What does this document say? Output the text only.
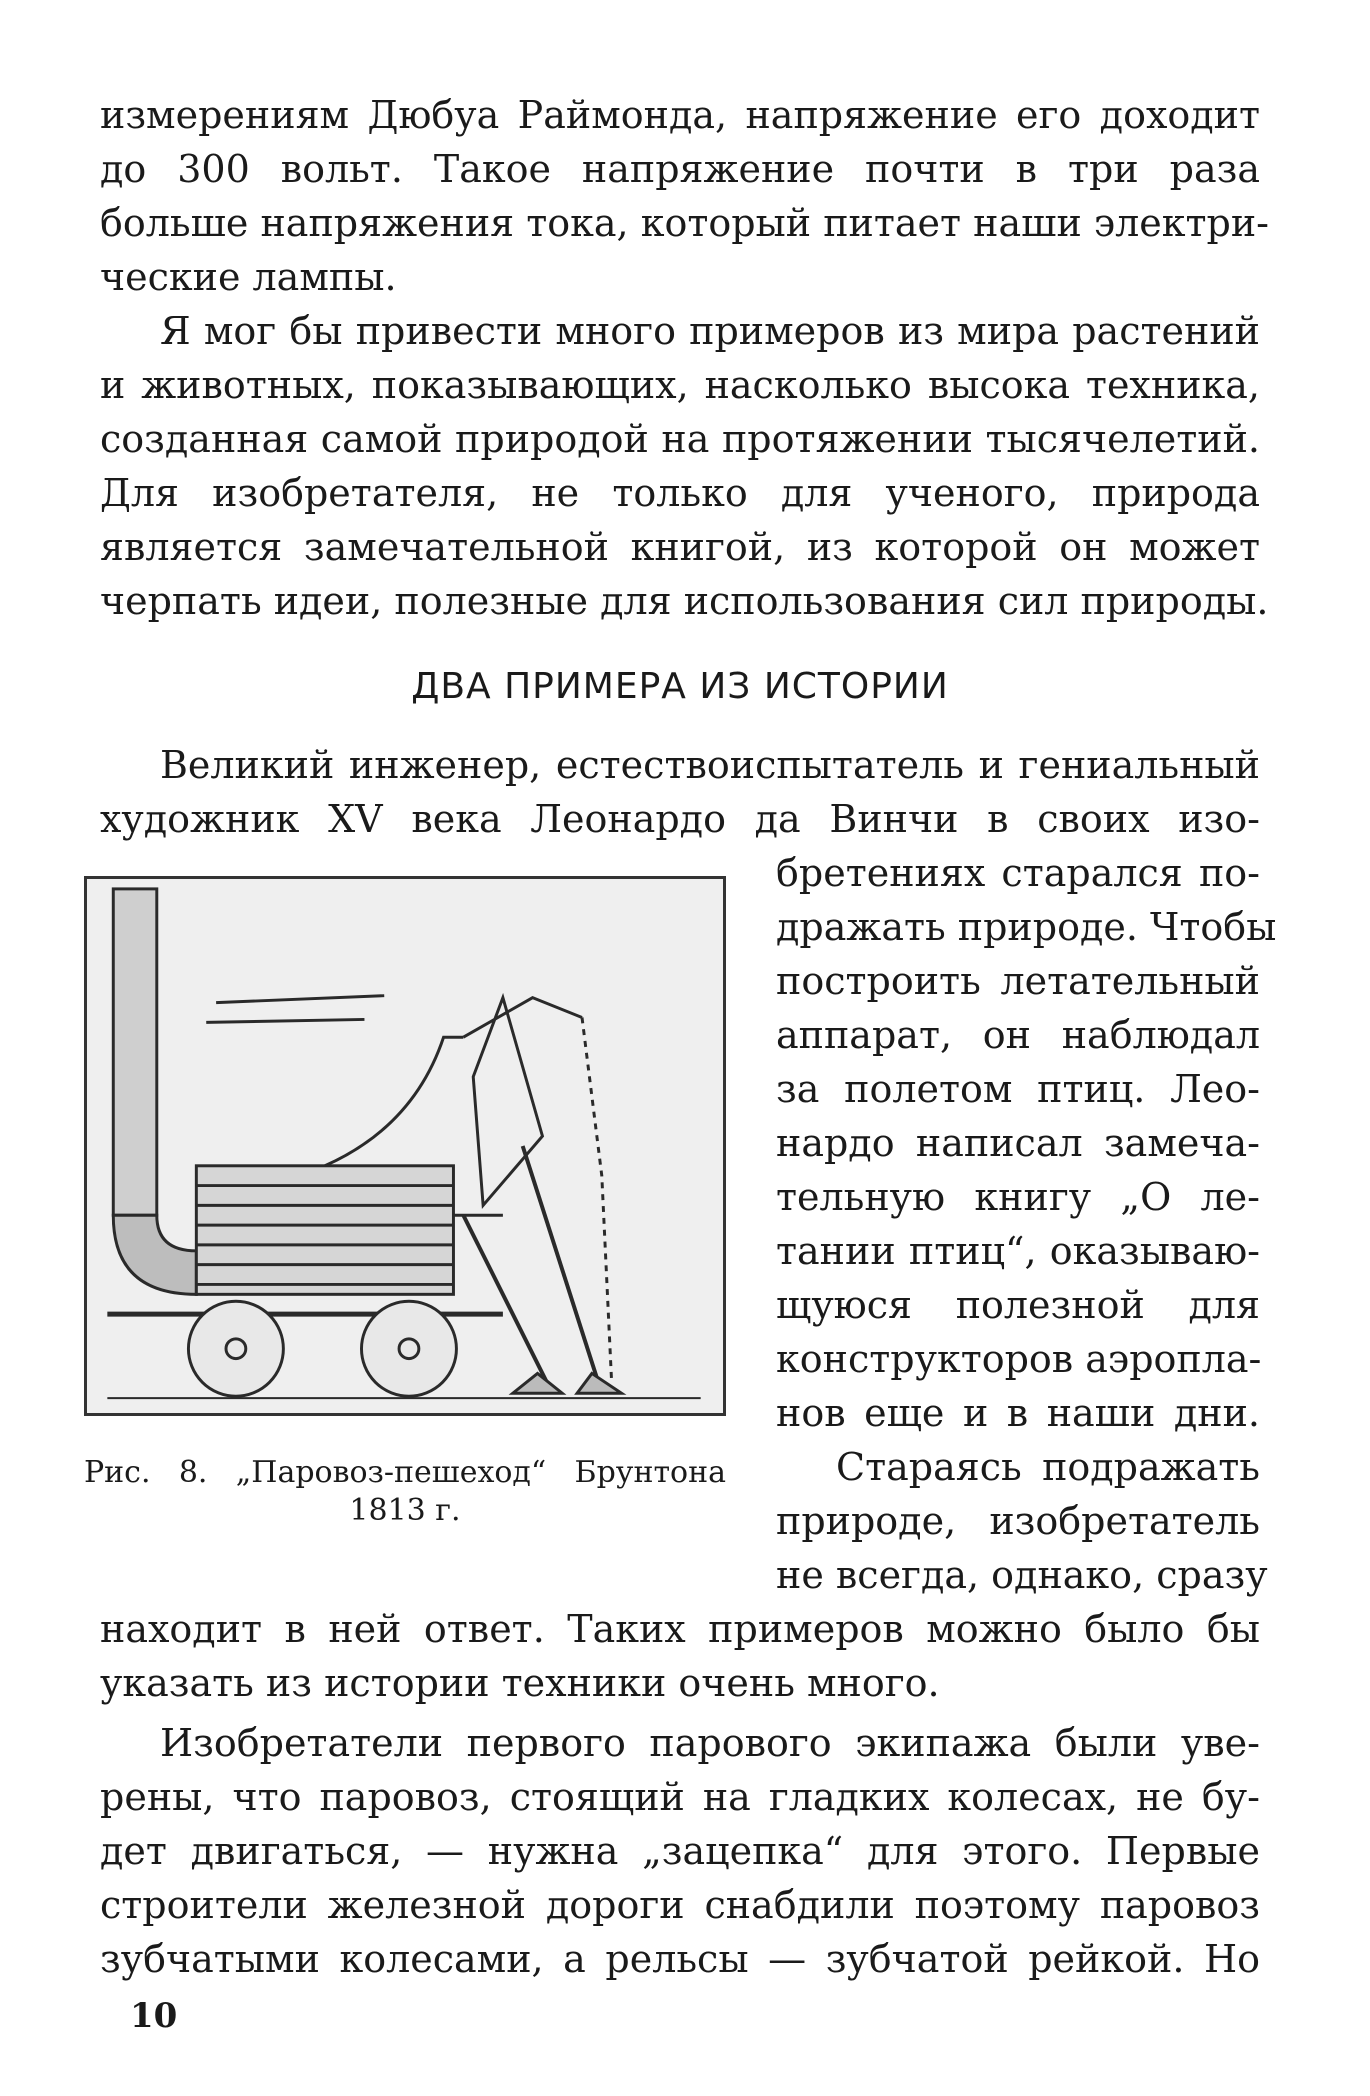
измерениям Дюбуа Раймонда, напряжение его доходит
до 300 вольт. Такое напряжение почти в три раза
больше напряжения тока, который питает наши электри-
ческие лампы.
Я мог бы привести много примеров из мира растений
и животных, показывающих, насколько высока техника,
созданная самой природой на протяжении тысячелетий.
Для изобретателя, не только для ученого, природа
является замечательной книгой, из которой он может
черпать идеи, полезные для использования сил природы.
ДВА ПРИМЕРА ИЗ ИСТОРИИ
Великий инженер, естествоиспытатель и гениальный
художник XV века Леонардо да Винчи в своих изо-
Рис. 8. „Паровоз-пешеход“ Брунтона
1813 г.
бретениях старался по-
дражать природе. Чтобы
построить летательный
аппарат, он наблюдал
за полетом птиц. Лео-
нардо написал замеча-
тельную книгу „О ле-
тании птиц“, оказываю-
щуюся полезной для
конструкторов аэропла-
нов еще и в наши дни.
Стараясь подражать
природе, изобретатель
не всегда, однако, сразу
находит в ней ответ. Таких примеров можно было бы
указать из истории техники очень много.
Изобретатели первого парового экипажа были уве-
рены, что паровоз, стоящий на гладких колесах, не бу-
дет двигаться, — нужна „зацепка“ для этого. Первые
строители железной дороги снабдили поэтому паровоз
зубчатыми колесами, а рельсы — зубчатой рейкой. Но
10
